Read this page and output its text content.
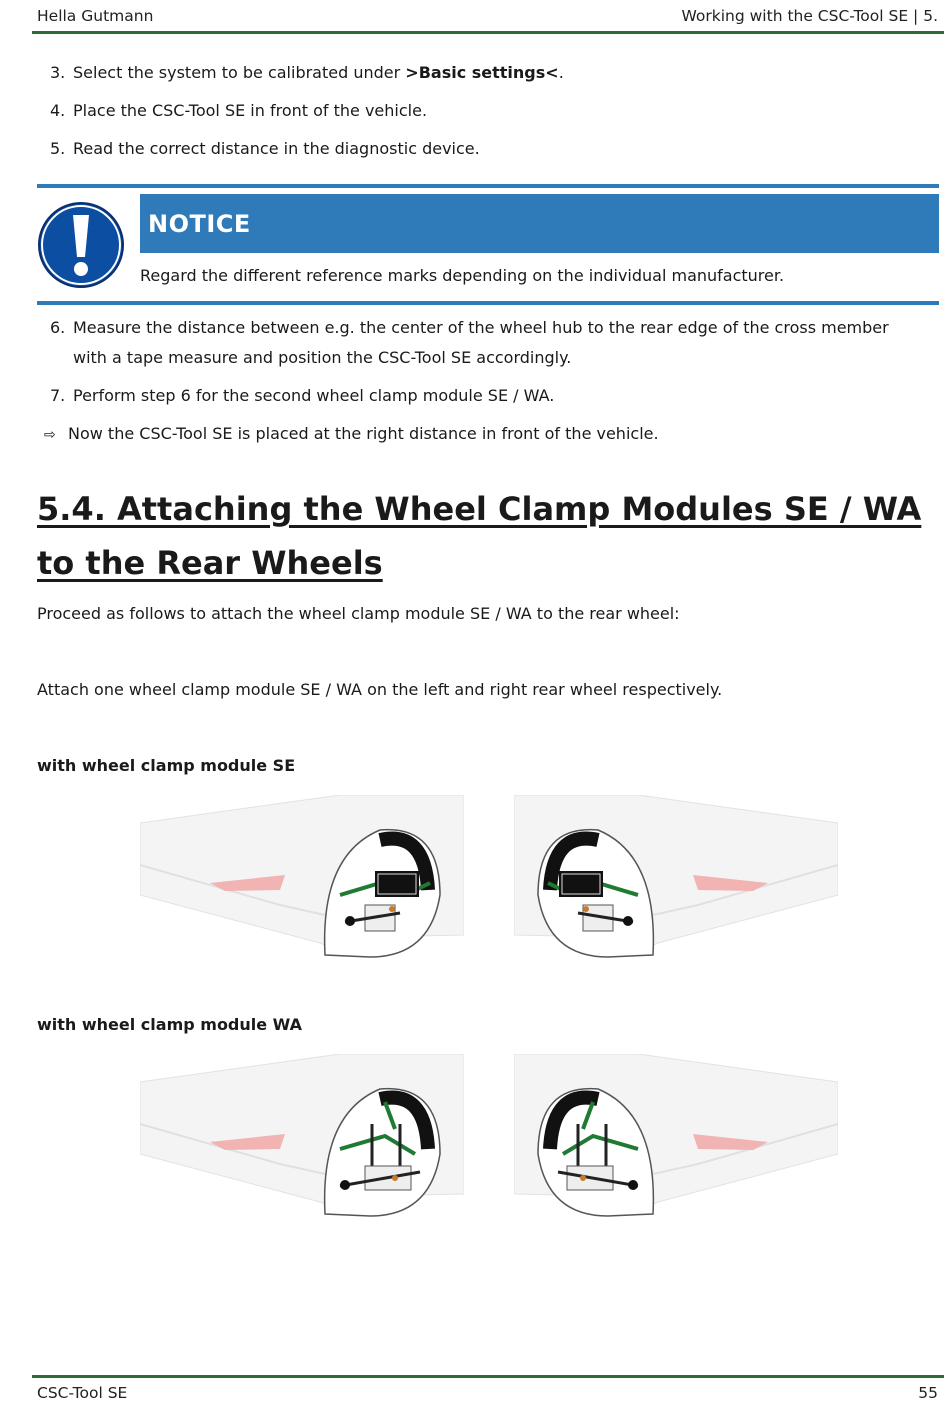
Hella Gutmann	Working with the CSC-Tool SE | 5.
3. Select the system to be calibrated under >Basic settings<.
4. Place the CSC-Tool SE in front of the vehicle.
5. Read the correct distance in the diagnostic device.
NOTICE
Regard the different reference marks depending on the individual manufacturer.
6. Measure the distance between e.g. the center of the wheel hub to the rear edge of the cross member with a tape measure and position the CSC-Tool SE accordingly.
7. Perform step 6 for the second wheel clamp module SE / WA.
⇨ Now the CSC-Tool SE is placed at the right distance in front of the vehicle.
5.4. Attaching the Wheel Clamp Modules SE / WA to the Rear Wheels
Proceed as follows to attach the wheel clamp module SE / WA to the rear wheel:
Attach one wheel clamp module SE / WA on the left and right rear wheel respectively.
with wheel clamp module SE
with wheel clamp module WA
CSC-Tool SE	55
